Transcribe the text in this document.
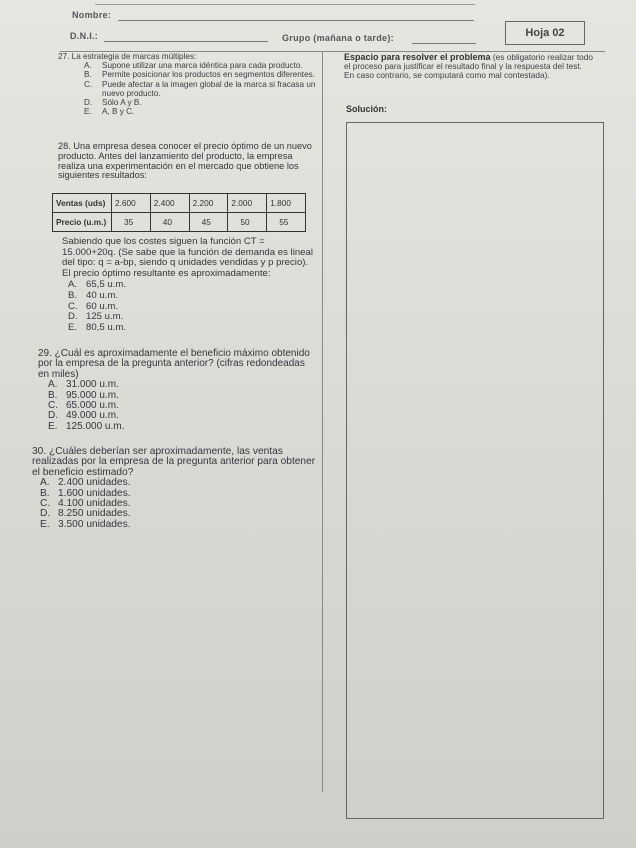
Nombre:
D.N.I.:	Grupo (mañana o tarde):	Hoja 02
27. La estrategia de marcas múltiples:
A.	Supone utilizar una marca idéntica para cada producto.
B.	Permite posicionar los productos en segmentos diferentes.
C.	Puede afectar a la imagen global de la marca si fracasa un nuevo producto.
D.	Sólo A y B.
E.	A, B y C.
28. Una empresa desea conocer el precio óptimo de un nuevo producto. Antes del lanzamiento del producto, la empresa realiza una experimentación en el mercado que obtiene los siguientes resultados:
Ventas (uds)	2.600	2.400	2.200	2.000	1.800
Precio (u.m.)	35	40	45	50	55
Sabiendo que los costes siguen la función CT = 15.000+20q. (Se sabe que la función de demanda es lineal del tipo: q = a-bp, siendo q unidades vendidas y p precio). El precio óptimo resultante es aproximadamente:
A. 65,5 u.m.
B. 40 u.m.
C. 60 u.m.
D. 125 u.m.
E. 80,5 u.m.
29. ¿Cuál es aproximadamente el beneficio máximo obtenido por la empresa de la pregunta anterior? (cifras redondeadas en miles)
A. 31.000 u.m.
B. 95.000 u.m.
C. 65.000 u.m.
D. 49.000 u.m.
E. 125.000 u.m.
30. ¿Cuáles deberían ser aproximadamente, las ventas realizadas por la empresa de la pregunta anterior para obtener el beneficio estimado?
A. 2.400 unidades.
B. 1.600 unidades.
C. 4.100 unidades.
D. 8.250 unidades.
E. 3.500 unidades.
Espacio para resolver el problema (es obligatorio realizar todo el proceso para justificar el resultado final y la respuesta del test. En caso contrario, se computará como mal contestada).
Solución:
